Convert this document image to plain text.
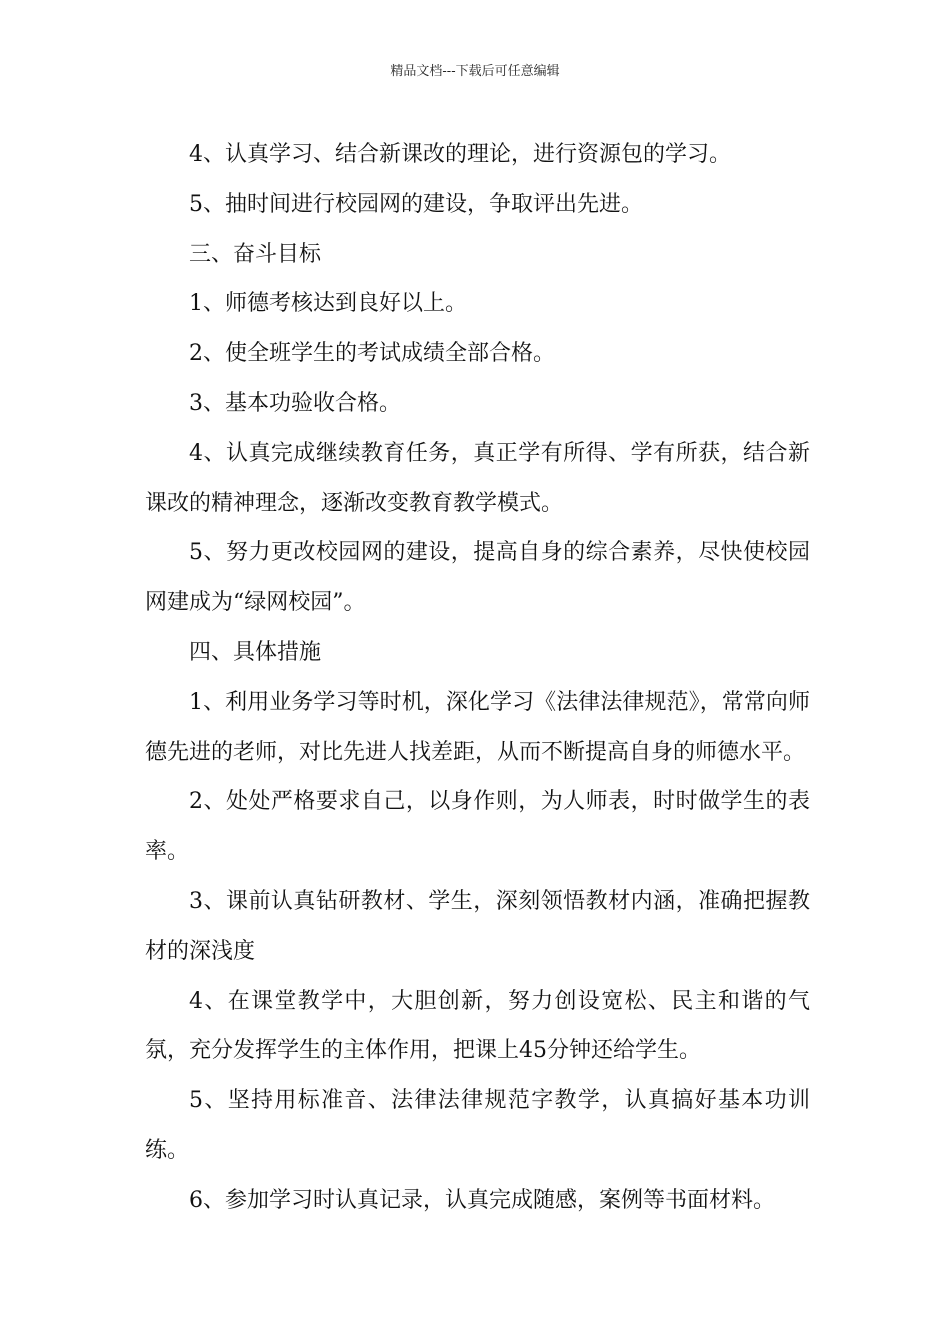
精品文档---下载后可任意编辑

4、认真学习、结合新课改的理论，进行资源包的学习。

5、抽时间进行校园网的建设，争取评出先进。

三、奋斗目标

1、师德考核达到良好以上。

2、使全班学生的考试成绩全部合格。

3、基本功验收合格。

4、认真完成继续教育任务，真正学有所得、学有所获，结合新课改的精神理念，逐渐改变教育教学模式。

5、努力更改校园网的建设，提高自身的综合素养，尽快使校园网建成为“绿网校园”。

四、具体措施

1、利用业务学习等时机，深化学习《法律法律规范》，常常向师德先进的老师，对比先进人找差距，从而不断提高自身的师德水平。

2、处处严格要求自己，以身作则，为人师表，时时做学生的表率。

3、课前认真钻研教材、学生，深刻领悟教材内涵，准确把握教材的深浅度

4、在课堂教学中，大胆创新，努力创设宽松、民主和谐的气氛，充分发挥学生的主体作用，把课上45分钟还给学生。

5、坚持用标准音、法律法律规范字教学，认真搞好基本功训练。

6、参加学习时认真记录，认真完成随感，案例等书面材料。
